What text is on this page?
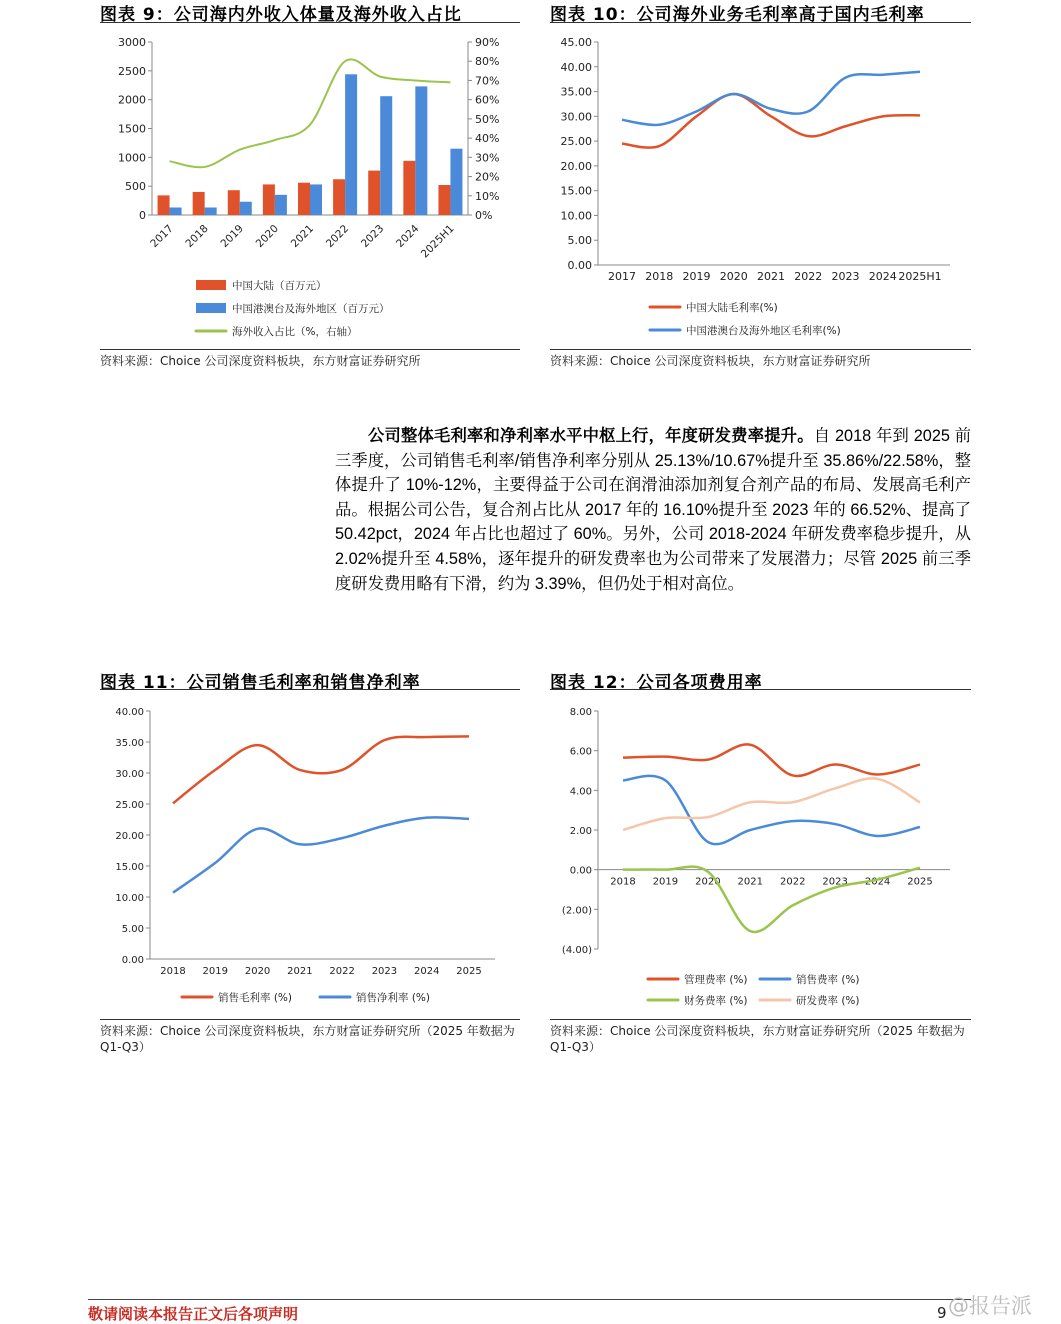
图表 9：公司海内外收入体量及海外收入占比
3000
2500
2000
1500
1000
500
0
90%
80%
70%
60%
50%
40%
30%
20%
10%
0%
2017 2018 2019 2020 2021 2022 2023 2024
2025H1
中国大陆（百万元）
中国港澳台及海外地区（百万元）
海外收入占比（%，右轴）
资料来源：Choice 公司深度资料板块，东方财富证券研究所
图表 10：公司海外业务毛利率高于国内毛利率
45.00
40.00
35.00
30.00
25.00
20.00
15.00
10.00
5.00
0.00
2017 2018 2019 2020 2021 2022 2023 2024 2025H1
中国大陆毛利率(%)
中国港澳台及海外地区毛利率(%)
资料来源：Choice 公司深度资料板块，东方财富证券研究所
公司整体毛利率和净利率水平中枢上行，年度研发费率提升。自 2018 年到 2025 前三季度，公司销售毛利率/销售净利率分别从 25.13%/10.67%提升至 35.86%/22.58%，整体提升了 10%-12%，主要得益于公司在润滑油添加剂复合剂产品的布局、发展高毛利产品。根据公司公告，复合剂占比从 2017 年的 16.10%提升至 2023 年的 66.52%、提高了 50.42pct，2024 年占比也超过了 60%。另外，公司 2018-2024 年研发费率稳步提升，从 2.02%提升至 4.58%，逐年提升的研发费率也为公司带来了发展潜力；尽管 2025 前三季度研发费用略有下滑，约为 3.39%，但仍处于相对高位。
图表 11：公司销售毛利率和销售净利率
40.00
35.00
30.00
25.00
20.00
15.00
10.00
5.00
0.00
2018 2019 2020 2021 2022 2023 2024 2025
销售毛利率 (%)	销售净利率 (%)
资料来源：Choice 公司深度资料板块，东方财富证券研究所（2025 年数据为 Q1-Q3）
图表 12：公司各项费用率
8.00
6.00
4.00
2.00
0.00
(2.00)
(4.00)
2018 2019 2020 2021 2022 2023 2024 2025
管理费率 (%)	销售费率 (%)
财务费率 (%)	研发费率 (%)
资料来源：Choice 公司深度资料板块，东方财富证券研究所（2025 年数据为 Q1-Q3）
敬请阅读本报告正文后各项声明	9 @报告派
